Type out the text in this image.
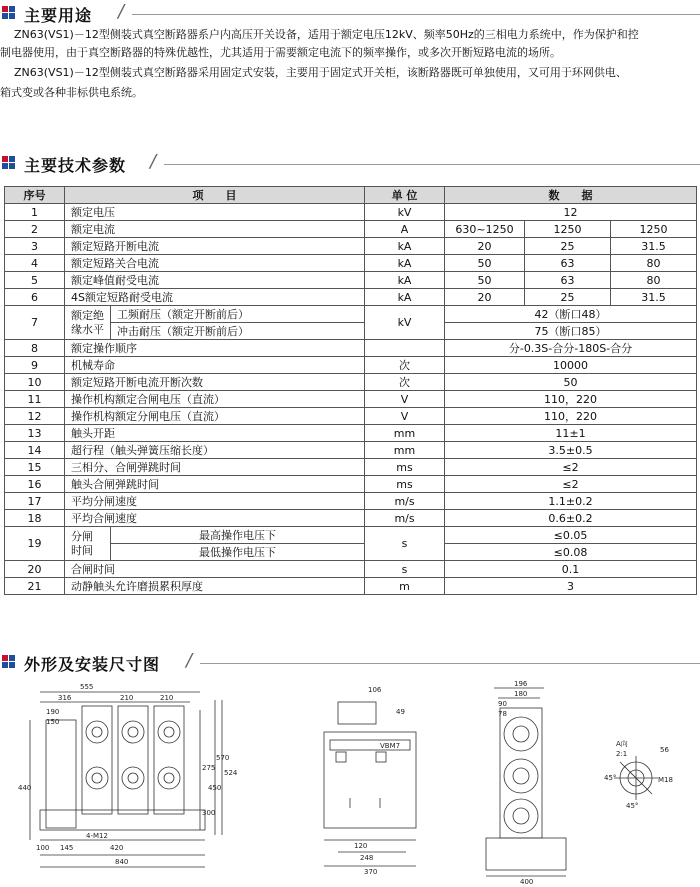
主要用途 /
ZN63(VS1)－12型侧装式真空断路器系户内高压开关设备，适用于额定电压12kV、频率50Hz的三相电力系统中，作为保护和控
制电器使用，由于真空断路器的特殊优越性，尤其适用于需要额定电流下的频率操作，或多次开断短路电流的场所。
ZN63(VS1)－12型侧装式真空断路器采用固定式安装，主要用于固定式开关柜，该断路器既可单独使用，又可用于环网供电、
箱式变或各种非标供电系统。
主要技术参数 /
序号	项　　目		单 位	数　　据		
1	额定电压		kV	12		
2	额定电流		A	630~1250	1250	1250
3	额定短路开断电流		kA	20	25	31.5
4	额定短路关合电流		kA	50	63	80
5	额定峰值耐受电流		kA	50	63	80
6	4S额定短路耐受电流		kA	20	25	31.5
7	额定绝
缘水平	工频耐压（额定开断前后）	kV	42（断口48）		
		冲击耐压（额定开断前后）		75（断口85）		
8	额定操作顺序			分-0.3S-合分-180S-合分		
9	机械寿命		次	10000		
10	额定短路开断电流开断次数		次	50		
11	操作机构额定合闸电压（直流）		V	110，220		
12	操作机构额定分闸电压（直流）		V	110，220		
13	触头开距		mm	11±1		
14	超行程（触头弹簧压缩长度）		mm	3.5±0.5		
15	三相分、合闸弹跳时间		ms	≤2		
16	触头合闸弹跳时间		ms	≤2		
17	平均分闸速度		m/s	1.1±0.2		
18	平均合闸速度		m/s	0.6±0.2		
19	分闸
时间	最高操作电压下	s	≤0.05		
		最低操作电压下		≤0.08		
20	合闸时间		s	0.1		
21	动静触头允许磨损累积厚度		m	3		
外形及安装尺寸图 /
555
316	210	210
190
150
275
450
570
524
300
440
4-M12
100 145	420
840
106
49
VBM7
120
248
370
196
180
90
78
400
A向
2:1	56
M18
45°
45°
